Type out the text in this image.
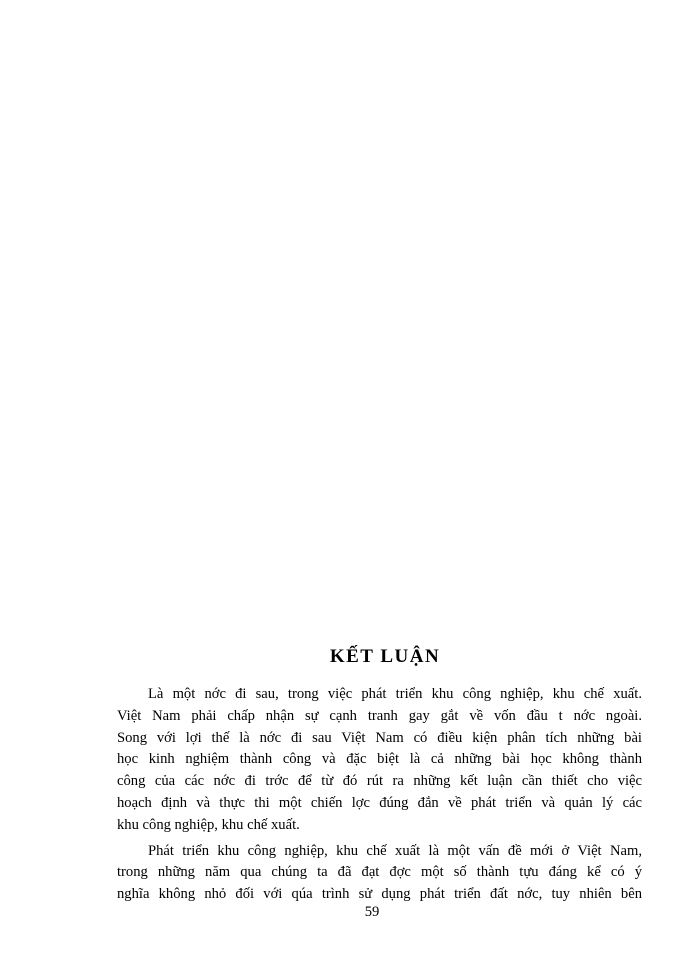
KẾT LUẬN
Là một nớc đi sau, trong việc phát triển khu công nghiệp, khu chế xuất.
Việt Nam phải chấp nhận sự cạnh tranh gay gắt về vốn đầu t nớc ngoài.
Song với lợi thế là nớc đi sau Việt Nam có điều kiện phân tích những bài
học kinh nghiệm thành công và đặc biệt là cả những bài học không thành
công của các nớc đi trớc để từ đó rút ra những kết luận cần thiết cho việc
hoạch định và thực thi một chiến lợc đúng đắn về phát triển và quản lý các
khu công nghiệp, khu chế xuất.
Phát triển khu công nghiệp, khu chế xuất là một vấn đề mới ở Việt Nam,
trong những năm qua chúng ta đã đạt đợc một số thành tựu đáng kể có ý
nghĩa không nhỏ đối với qúa trình sử dụng phát triển đất nớc, tuy nhiên bên
59
